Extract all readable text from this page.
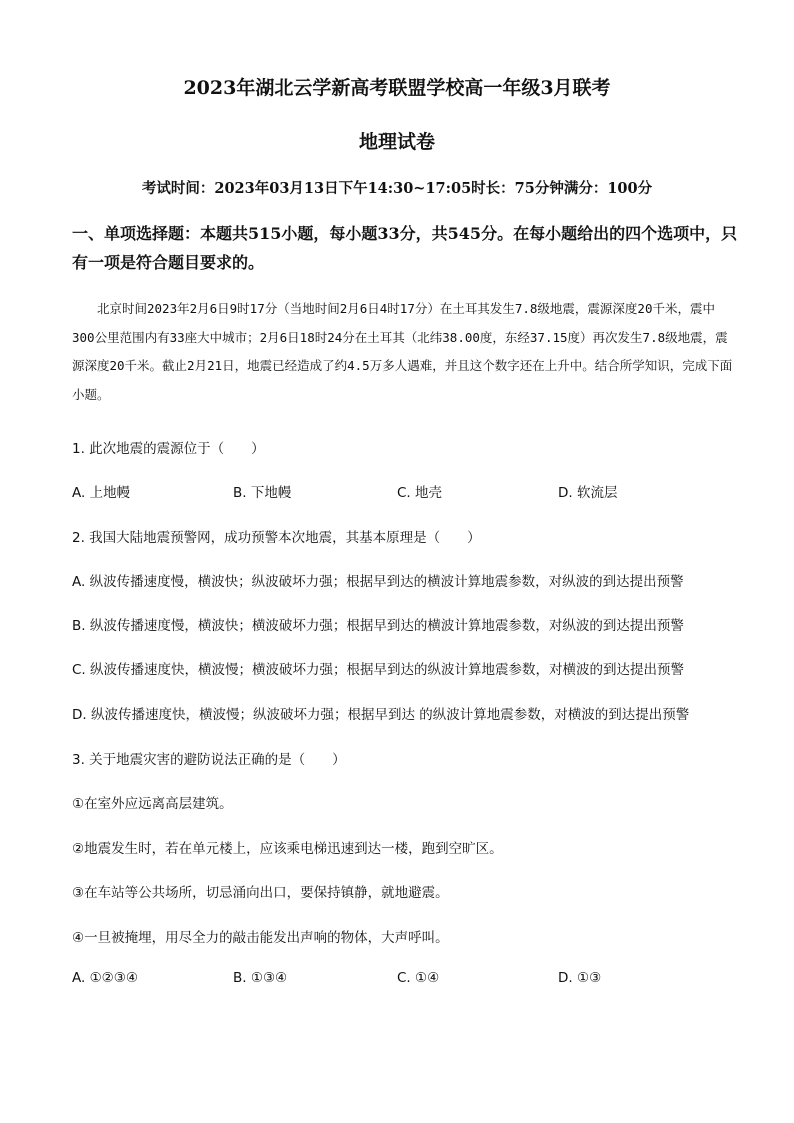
2023年湖北云学新高考联盟学校高一年级3月联考
地理试卷
考试时间：2023年03月13日下午14:30~17:05时长：75分钟满分：100分
一、单项选择题：本题共515小题，每小题33分，共545分。在每小题给出的四个选项中，只有一项是符合题目要求的。
北京时间2023年2月6日9时17分（当地时间2月6日4时17分）在土耳其发生7.8级地震，震源深度20千米，震中300公里范围内有33座大中城市；2月6日18时24分在土耳其（北纬38.00度，东经37.15度）再次发生7.8级地震，震源深度20千米。截止2月21日，地震已经造成了约4.5万多人遇难，并且这个数字还在上升中。结合所学知识，完成下面小题。
1. 此次地震的震源位于（　　）
A. 上地幔	B. 下地幔	C. 地壳	D. 软流层
2. 我国大陆地震预警网，成功预警本次地震，其基本原理是（　　）
A. 纵波传播速度慢，横波快；纵波破坏力强；根据早到达的横波计算地震参数，对纵波的到达提出预警
B. 纵波传播速度慢，横波快；横波破坏力强；根据早到达的横波计算地震参数，对纵波的到达提出预警
C. 纵波传播速度快，横波慢；横波破坏力强；根据早到达的纵波计算地震参数，对横波的到达提出预警
D. 纵波传播速度快，横波慢；纵波破坏力强；根据早到达 的纵波计算地震参数，对横波的到达提出预警
3. 关于地震灾害的避防说法正确的是（　　）
①在室外应远离高层建筑。
②地震发生时，若在单元楼上，应该乘电梯迅速到达一楼，跑到空旷区。
③在车站等公共场所，切忌涌向出口，要保持镇静，就地避震。
④一旦被掩埋，用尽全力的敲击能发出声响的物体，大声呼叫。
A. ①②③④	B. ①③④	C. ①④	D. ①③
